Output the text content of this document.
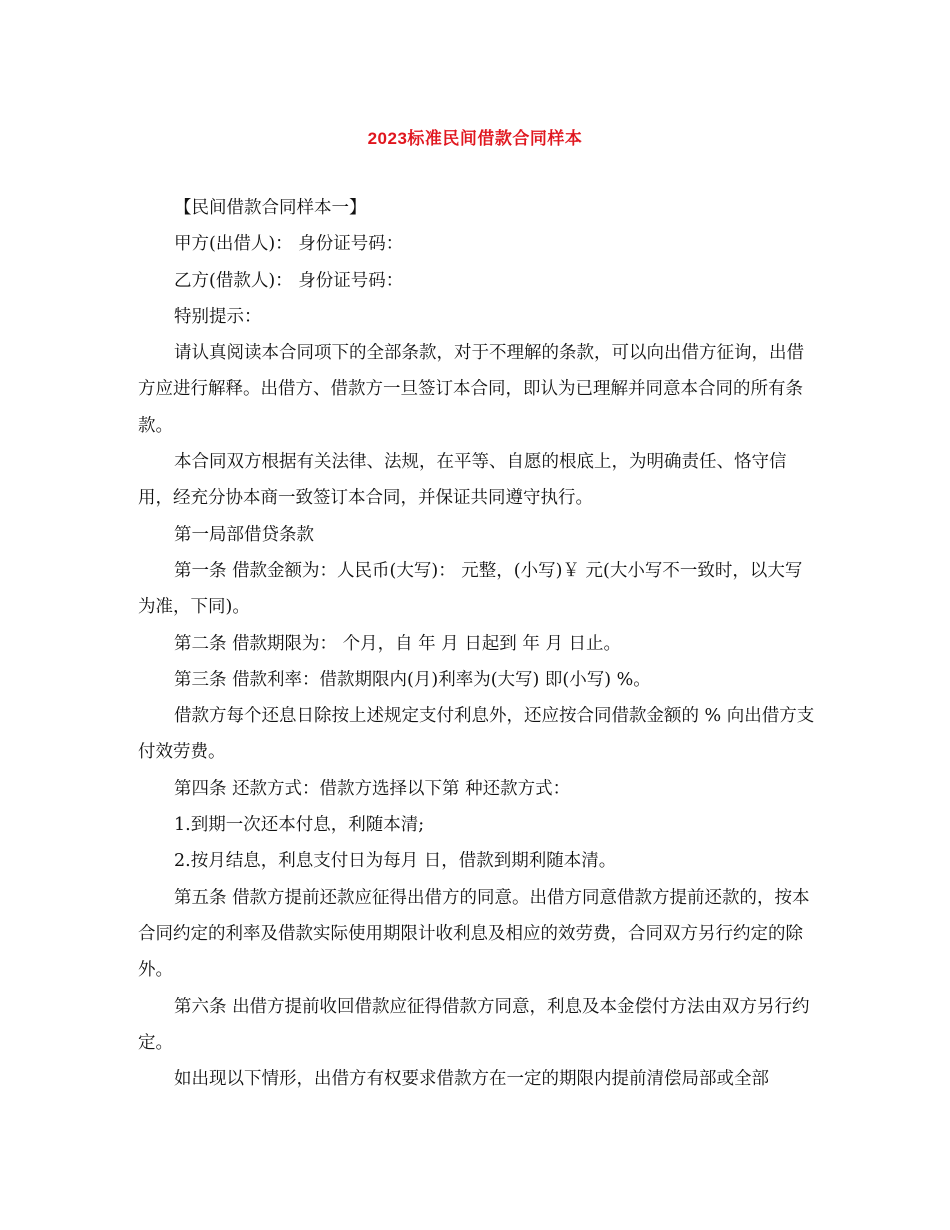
2023标准民间借款合同样本

【民间借款合同样本一】

甲方(出借人)： 身份证号码：

乙方(借款人)： 身份证号码：

特别提示：

请认真阅读本合同项下的全部条款，对于不理解的条款，可以向出借方征询，出借方应进行解释。出借方、借款方一旦签订本合同，即认为已理解并同意本合同的所有条款。

本合同双方根据有关法律、法规，在平等、自愿的根底上，为明确责任、恪守信用，经充分协本商一致签订本合同，并保证共同遵守执行。

第一局部借贷条款

第一条 借款金额为：人民币(大写)： 元整，(小写)￥ 元(大小写不一致时，以大写为准，下同)。

第二条 借款期限为： 个月，自 年 月 日起到 年 月 日止。

第三条 借款利率：借款期限内(月)利率为(大写) 即(小写) %。

借款方每个还息日除按上述规定支付利息外，还应按合同借款金额的 % 向出借方支付效劳费。

第四条 还款方式：借款方选择以下第 种还款方式：

1.到期一次还本付息，利随本清;

2.按月结息，利息支付日为每月 日，借款到期利随本清。

第五条 借款方提前还款应征得出借方的同意。出借方同意借款方提前还款的，按本合同约定的利率及借款实际使用期限计收利息及相应的效劳费，合同双方另行约定的除外。

第六条 出借方提前收回借款应征得借款方同意，利息及本金偿付方法由双方另行约定。

如出现以下情形，出借方有权要求借款方在一定的期限内提前清偿局部或全部
